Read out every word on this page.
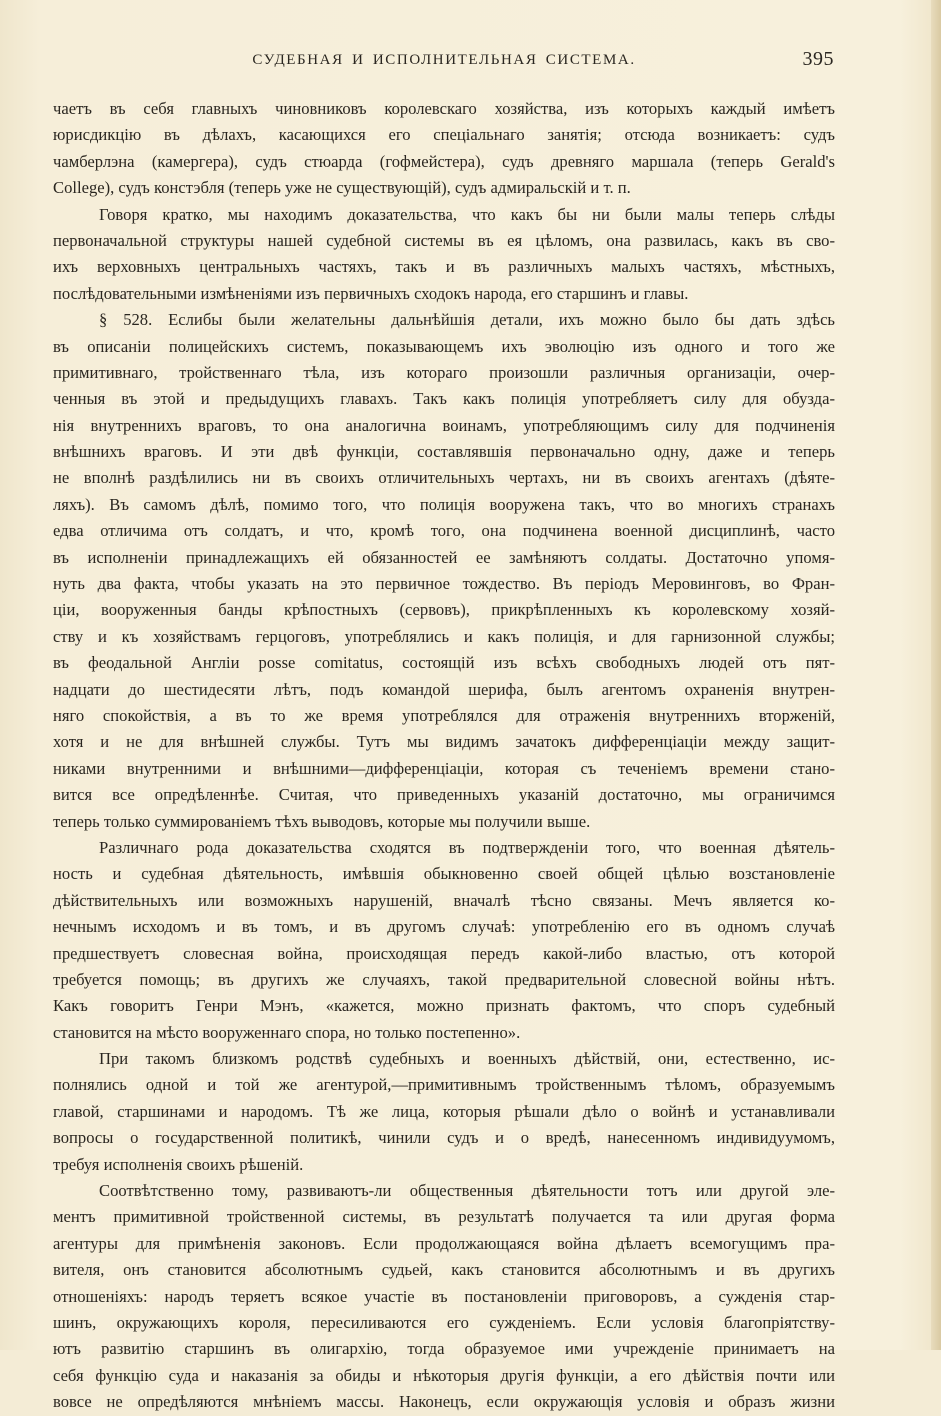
СУДЕБНАЯ И ИСПОЛНИТЕЛЬНАЯ СИСТЕМА.	395
чаетъ въ себя главныхъ чиновниковъ королевскаго хозяйства, изъ которыхъ каждый имѣетъ
юрисдикцію въ дѣлахъ, касающихся его спеціальнаго занятія; отсюда возникаетъ: судъ
чамберлэна (камергера), судъ стюарда (гофмейстера), судъ древняго маршала (теперь Gerald's
College), судъ констэбля (теперь уже не существующій), судъ адмиральскій и т. п.
Говоря кратко, мы находимъ доказательства, что какъ бы ни были малы теперь слѣды
первоначальной структуры нашей судебной системы въ ея цѣломъ, она развилась, какъ въ сво-
ихъ верховныхъ центральныхъ частяхъ, такъ и въ различныхъ малыхъ частяхъ, мѣстныхъ,
послѣдовательными измѣненіями изъ первичныхъ сходокъ народа, его старшинъ и главы.
§ 528. Еслибы были желательны дальнѣйшія детали, ихъ можно было бы дать здѣсь
въ описаніи полицейскихъ системъ, показывающемъ ихъ эволюцію изъ одного и того же
примитивнаго, тройственнаго тѣла, изъ котораго произошли различныя организаціи, очер-
ченныя въ этой и предыдущихъ главахъ. Такъ какъ полиція употребляетъ силу для обузда-
нія внутреннихъ враговъ, то она аналогична воинамъ, употребляющимъ силу для подчиненія
внѣшнихъ враговъ. И эти двѣ функціи, составлявшія первоначально одну, даже и теперь
не вполнѣ раздѣлились ни въ своихъ отличительныхъ чертахъ, ни въ своихъ агентахъ (дѣяте-
ляхъ). Въ самомъ дѣлѣ, помимо того, что полиція вооружена такъ, что во многихъ странахъ
едва отличима отъ солдатъ, и что, кромѣ того, она подчинена военной дисциплинѣ, часто
въ исполненіи принадлежащихъ ей обязанностей ее замѣняютъ солдаты. Достаточно упомя-
нуть два факта, чтобы указать на это первичное тождество. Въ періодъ Меровинговъ, во Фран-
ціи, вооруженныя банды крѣпостныхъ (сервовъ), прикрѣпленныхъ къ королевскому хозяй-
ству и къ хозяйствамъ герцоговъ, употреблялись и какъ полиція, и для гарнизонной службы;
въ феодальной Англіи posse comitatus, состоящій изъ всѣхъ свободныхъ людей отъ пят-
надцати до шестидесяти лѣтъ, подъ командой шерифа, былъ агентомъ охраненія внутрен-
няго спокойствія, а въ то же время употреблялся для отраженія внутреннихъ вторженій,
хотя и не для внѣшней службы. Тутъ мы видимъ зачатокъ дифференціаціи между защит-
никами внутренними и внѣшними—дифференціаціи, которая съ теченіемъ времени стано-
вится все опредѣленнѣе. Считая, что приведенныхъ указаній достаточно, мы ограничимся
теперь только суммированіемъ тѣхъ выводовъ, которые мы получили выше.
Различнаго рода доказательства сходятся въ подтвержденіи того, что военная дѣятель-
ность и судебная дѣятельность, имѣвшія обыкновенно своей общей цѣлью возстановленіе
дѣйствительныхъ или возможныхъ нарушеній, вначалѣ тѣсно связаны. Мечъ является ко-
нечнымъ исходомъ и въ томъ, и въ другомъ случаѣ: употребленію его въ одномъ случаѣ
предшествуетъ словесная война, происходящая передъ какой-либо властью, отъ которой
требуется помощь; въ другихъ же случаяхъ, такой предварительной словесной войны нѣтъ.
Какъ говоритъ Генри Мэнъ, «кажется, можно признать фактомъ, что споръ судебный
становится на мѣсто вооруженнаго спора, но только постепенно».
При такомъ близкомъ родствѣ судебныхъ и военныхъ дѣйствій, они, естественно, ис-
полнялись одной и той же агентурой,—примитивнымъ тройственнымъ тѣломъ, образуемымъ
главой, старшинами и народомъ. Тѣ же лица, которыя рѣшали дѣло о войнѣ и устанавливали
вопросы о государственной политикѣ, чинили судъ и о вредѣ, нанесенномъ индивидуумомъ,
требуя исполненія своихъ рѣшеній.
Соотвѣтственно тому, развиваютъ-ли общественныя дѣятельности тотъ или другой эле-
ментъ примитивной тройственной системы, въ результатѣ получается та или другая форма
агентуры для примѣненія законовъ. Если продолжающаяся война дѣлаетъ всемогущимъ пра-
вителя, онъ становится абсолютнымъ судьей, какъ становится абсолютнымъ и въ другихъ
отношеніяхъ: народъ теряетъ всякое участіе въ постановленіи приговоровъ, а сужденія стар-
шинъ, окружающихъ короля, пересиливаются его сужденіемъ. Если условія благопріятству-
ютъ развитію старшинъ въ олигархію, тогда образуемое ими учрежденіе принимаетъ на
себя функцію суда и наказанія за обиды и нѣкоторыя другія функціи, а его дѣйствія почти или
вовсе не опредѣляются мнѣніемъ массы. Наконецъ, если окружающія условія и образъ жизни
